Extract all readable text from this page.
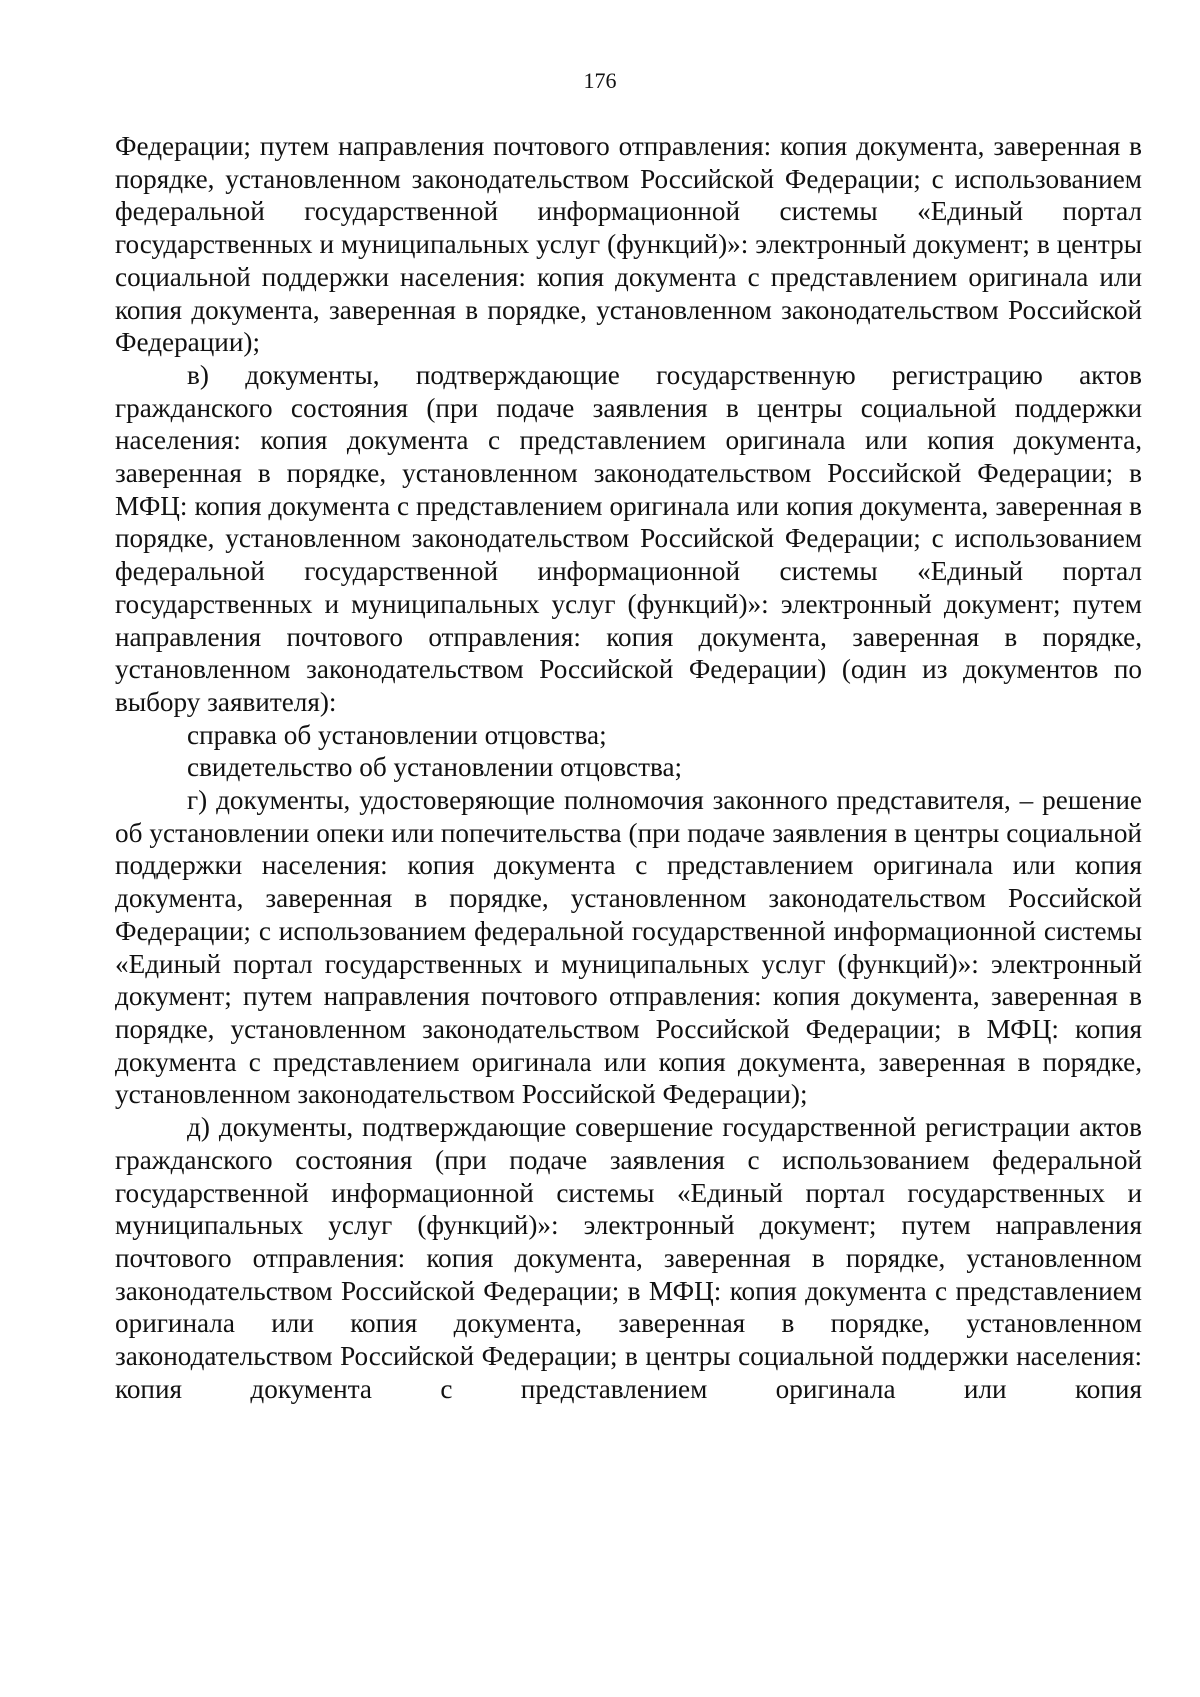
176

Федерации; путем направления почтового отправления: копия документа, заверенная в порядке, установленном законодательством Российской Федерации; с использованием федеральной государственной информационной системы «Единый портал государственных и муниципальных услуг (функций)»: электронный документ; в центры социальной поддержки населения: копия документа с представлением оригинала или копия документа, заверенная в порядке, установленном законодательством Российской Федерации);

в) документы, подтверждающие государственную регистрацию актов гражданского состояния (при подаче заявления в центры социальной поддержки населения: копия документа с представлением оригинала или копия документа, заверенная в порядке, установленном законодательством Российской Федерации; в МФЦ: копия документа с представлением оригинала или копия документа, заверенная в порядке, установленном законодательством Российской Федерации; с использованием федеральной государственной информационной системы «Единый портал государственных и муниципальных услуг (функций)»: электронный документ; путем направления почтового отправления: копия документа, заверенная в порядке, установленном законодательством Российской Федерации) (один из документов по выбору заявителя):

справка об установлении отцовства;

свидетельство об установлении отцовства;

г) документы, удостоверяющие полномочия законного представителя, – решение об установлении опеки или попечительства (при подаче заявления в центры социальной поддержки населения: копия документа с представлением оригинала или копия документа, заверенная в порядке, установленном законодательством Российской Федерации; с использованием федеральной государственной информационной системы «Единый портал государственных и муниципальных услуг (функций)»: электронный документ; путем направления почтового отправления: копия документа, заверенная в порядке, установленном законодательством Российской Федерации; в МФЦ: копия документа с представлением оригинала или копия документа, заверенная в порядке, установленном законодательством Российской Федерации);

д) документы, подтверждающие совершение государственной регистрации актов гражданского состояния (при подаче заявления с использованием федеральной государственной информационной системы «Единый портал государственных и муниципальных услуг (функций)»: электронный документ; путем направления почтового отправления: копия документа, заверенная в порядке, установленном законодательством Российской Федерации; в МФЦ: копия документа с представлением оригинала или копия документа, заверенная в порядке, установленном законодательством Российской Федерации; в центры социальной поддержки населения: копия документа с представлением оригинала или копия
